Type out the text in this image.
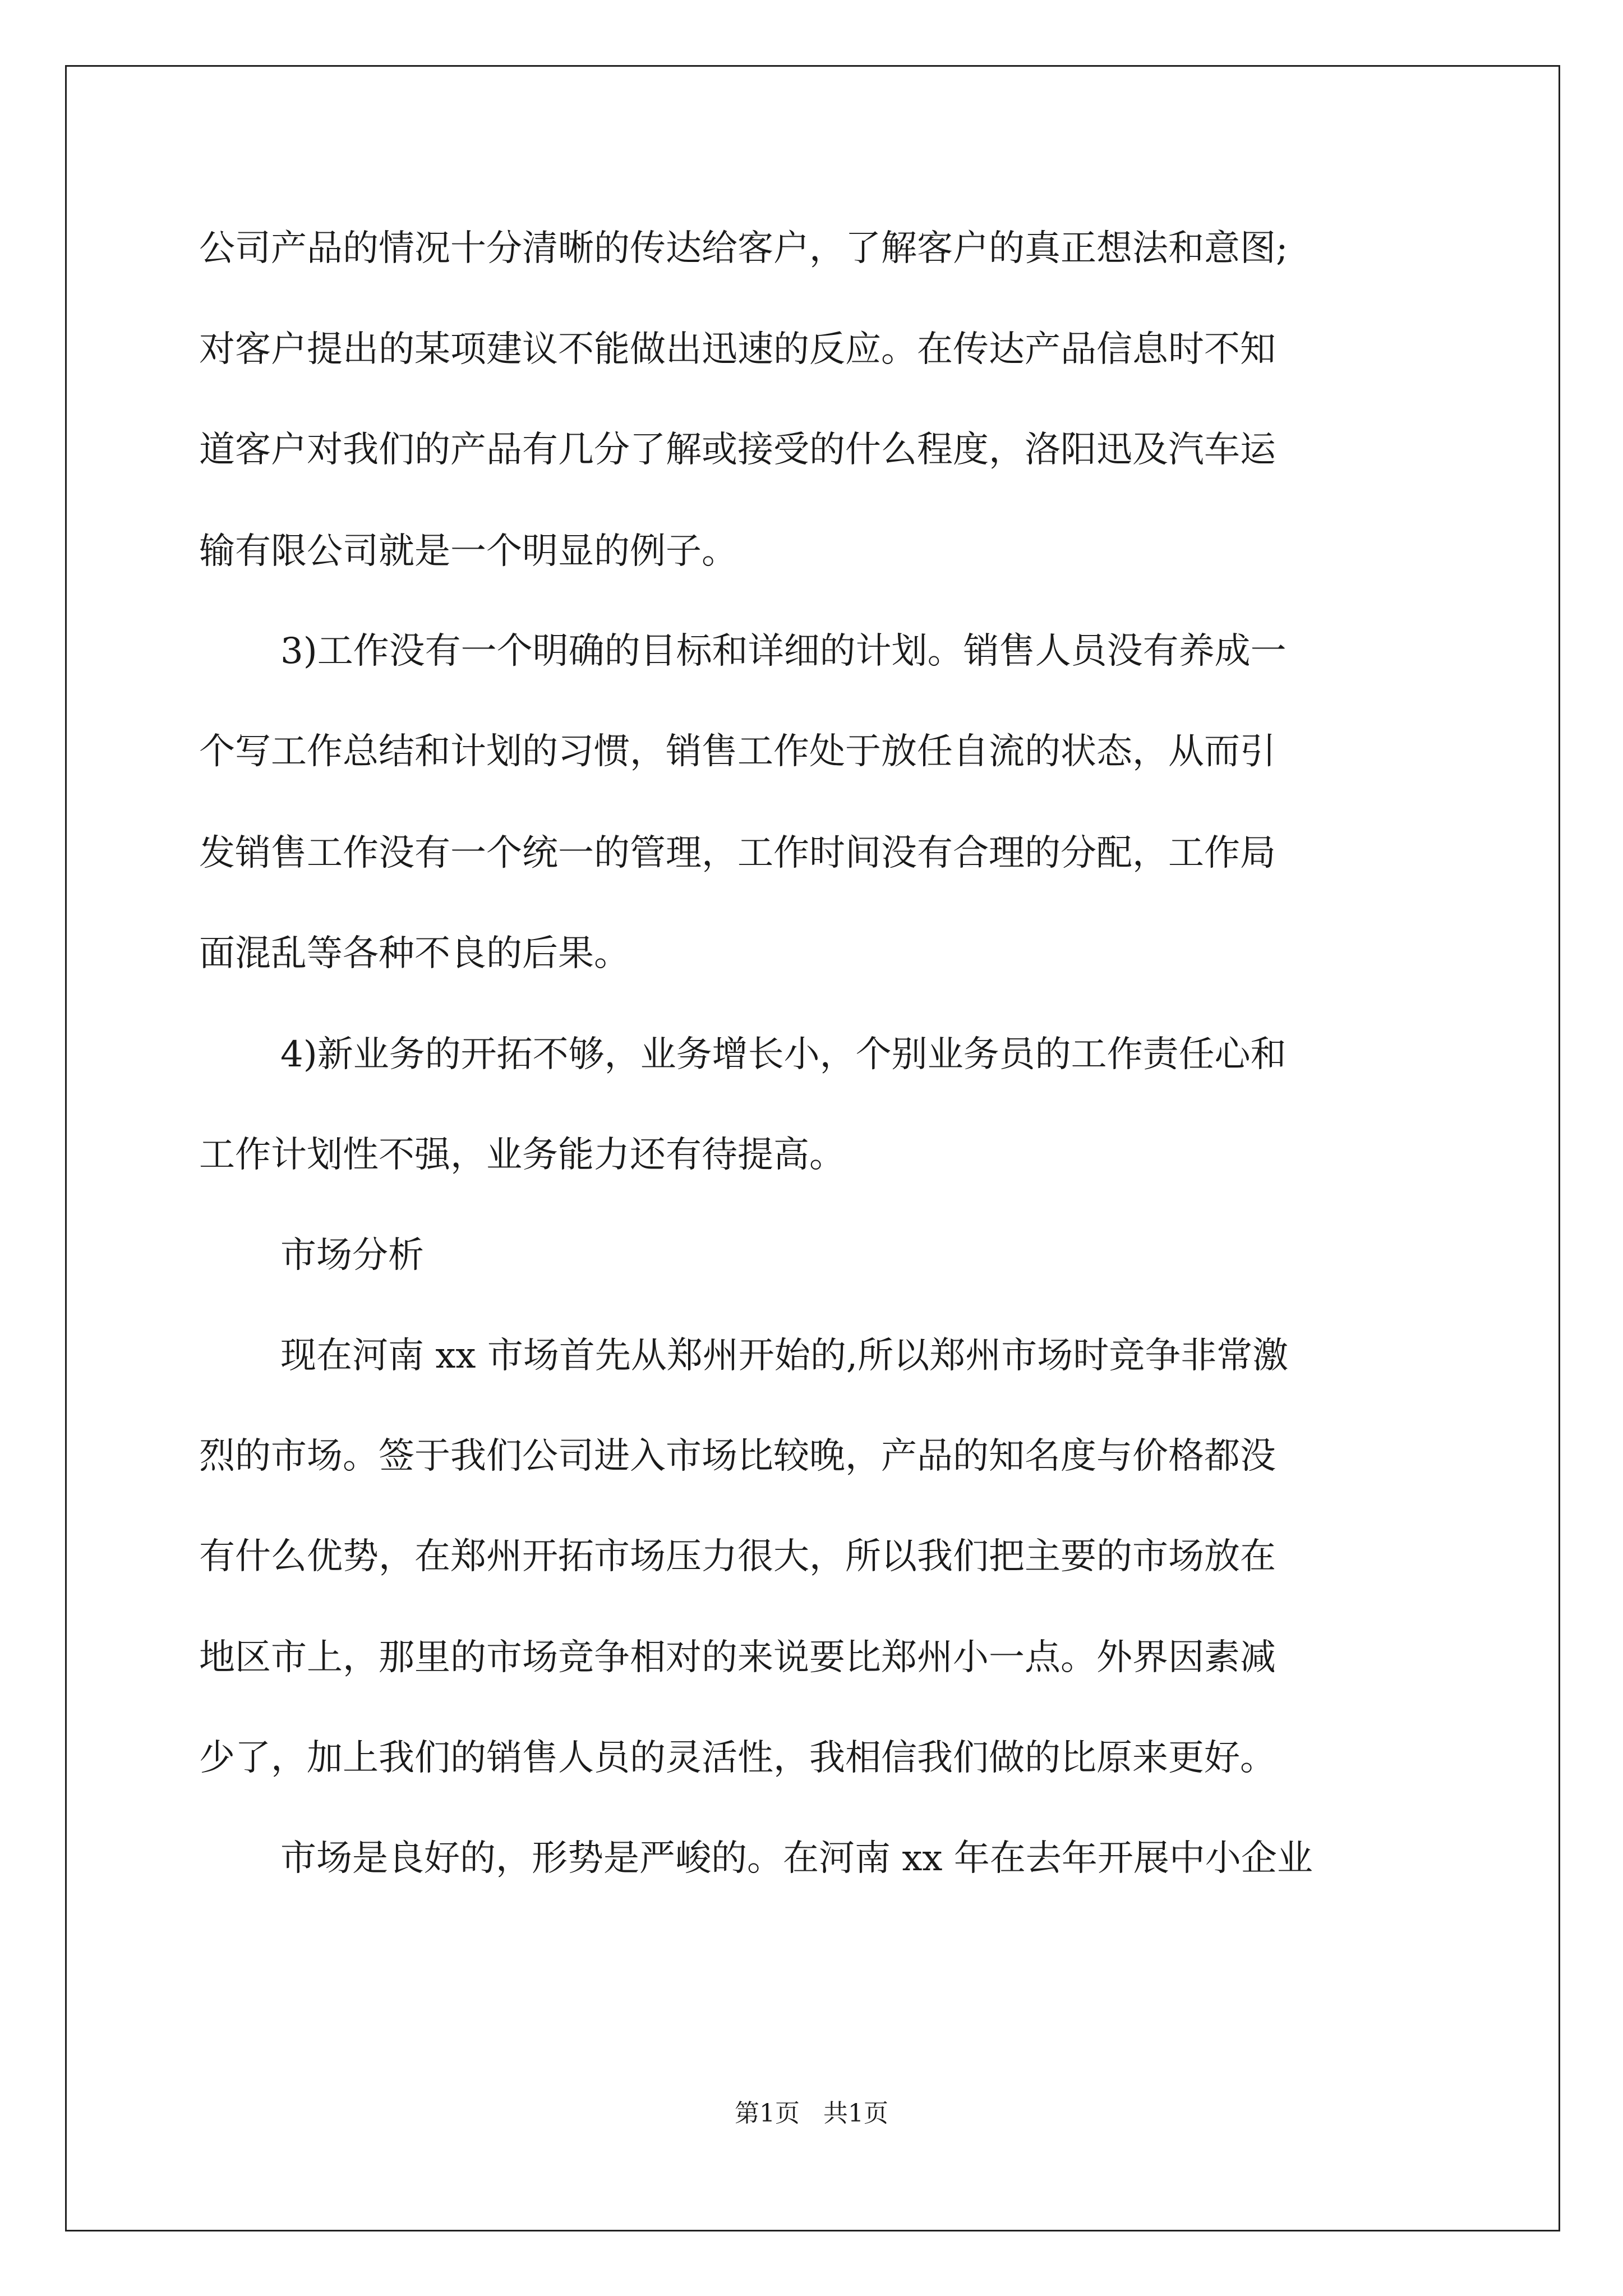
公司产品的情况十分清晰的传达给客户，了解客户的真正想法和意图;
对客户提出的某项建议不能做出迅速的反应。在传达产品信息时不知
道客户对我们的产品有几分了解或接受的什么程度，洛阳迅及汽车运
输有限公司就是一个明显的例子。
3)工作没有一个明确的目标和详细的计划。销售人员没有养成一
个写工作总结和计划的习惯，销售工作处于放任自流的状态，从而引
发销售工作没有一个统一的管理，工作时间没有合理的分配，工作局
面混乱等各种不良的后果。
4)新业务的开拓不够，业务增长小，个别业务员的工作责任心和
工作计划性不强，业务能力还有待提高。
市场分析
现在河南 xx 市场首先从郑州开始的,所以郑州市场时竞争非常激
烈的市场。签于我们公司进入市场比较晚，产品的知名度与价格都没
有什么优势，在郑州开拓市场压力很大，所以我们把主要的市场放在
地区市上，那里的市场竞争相对的来说要比郑州小一点。外界因素减
少了，加上我们的销售人员的灵活性，我相信我们做的比原来更好。
市场是良好的，形势是严峻的。在河南 xx 年在去年开展中小企业
第1页   共1页
